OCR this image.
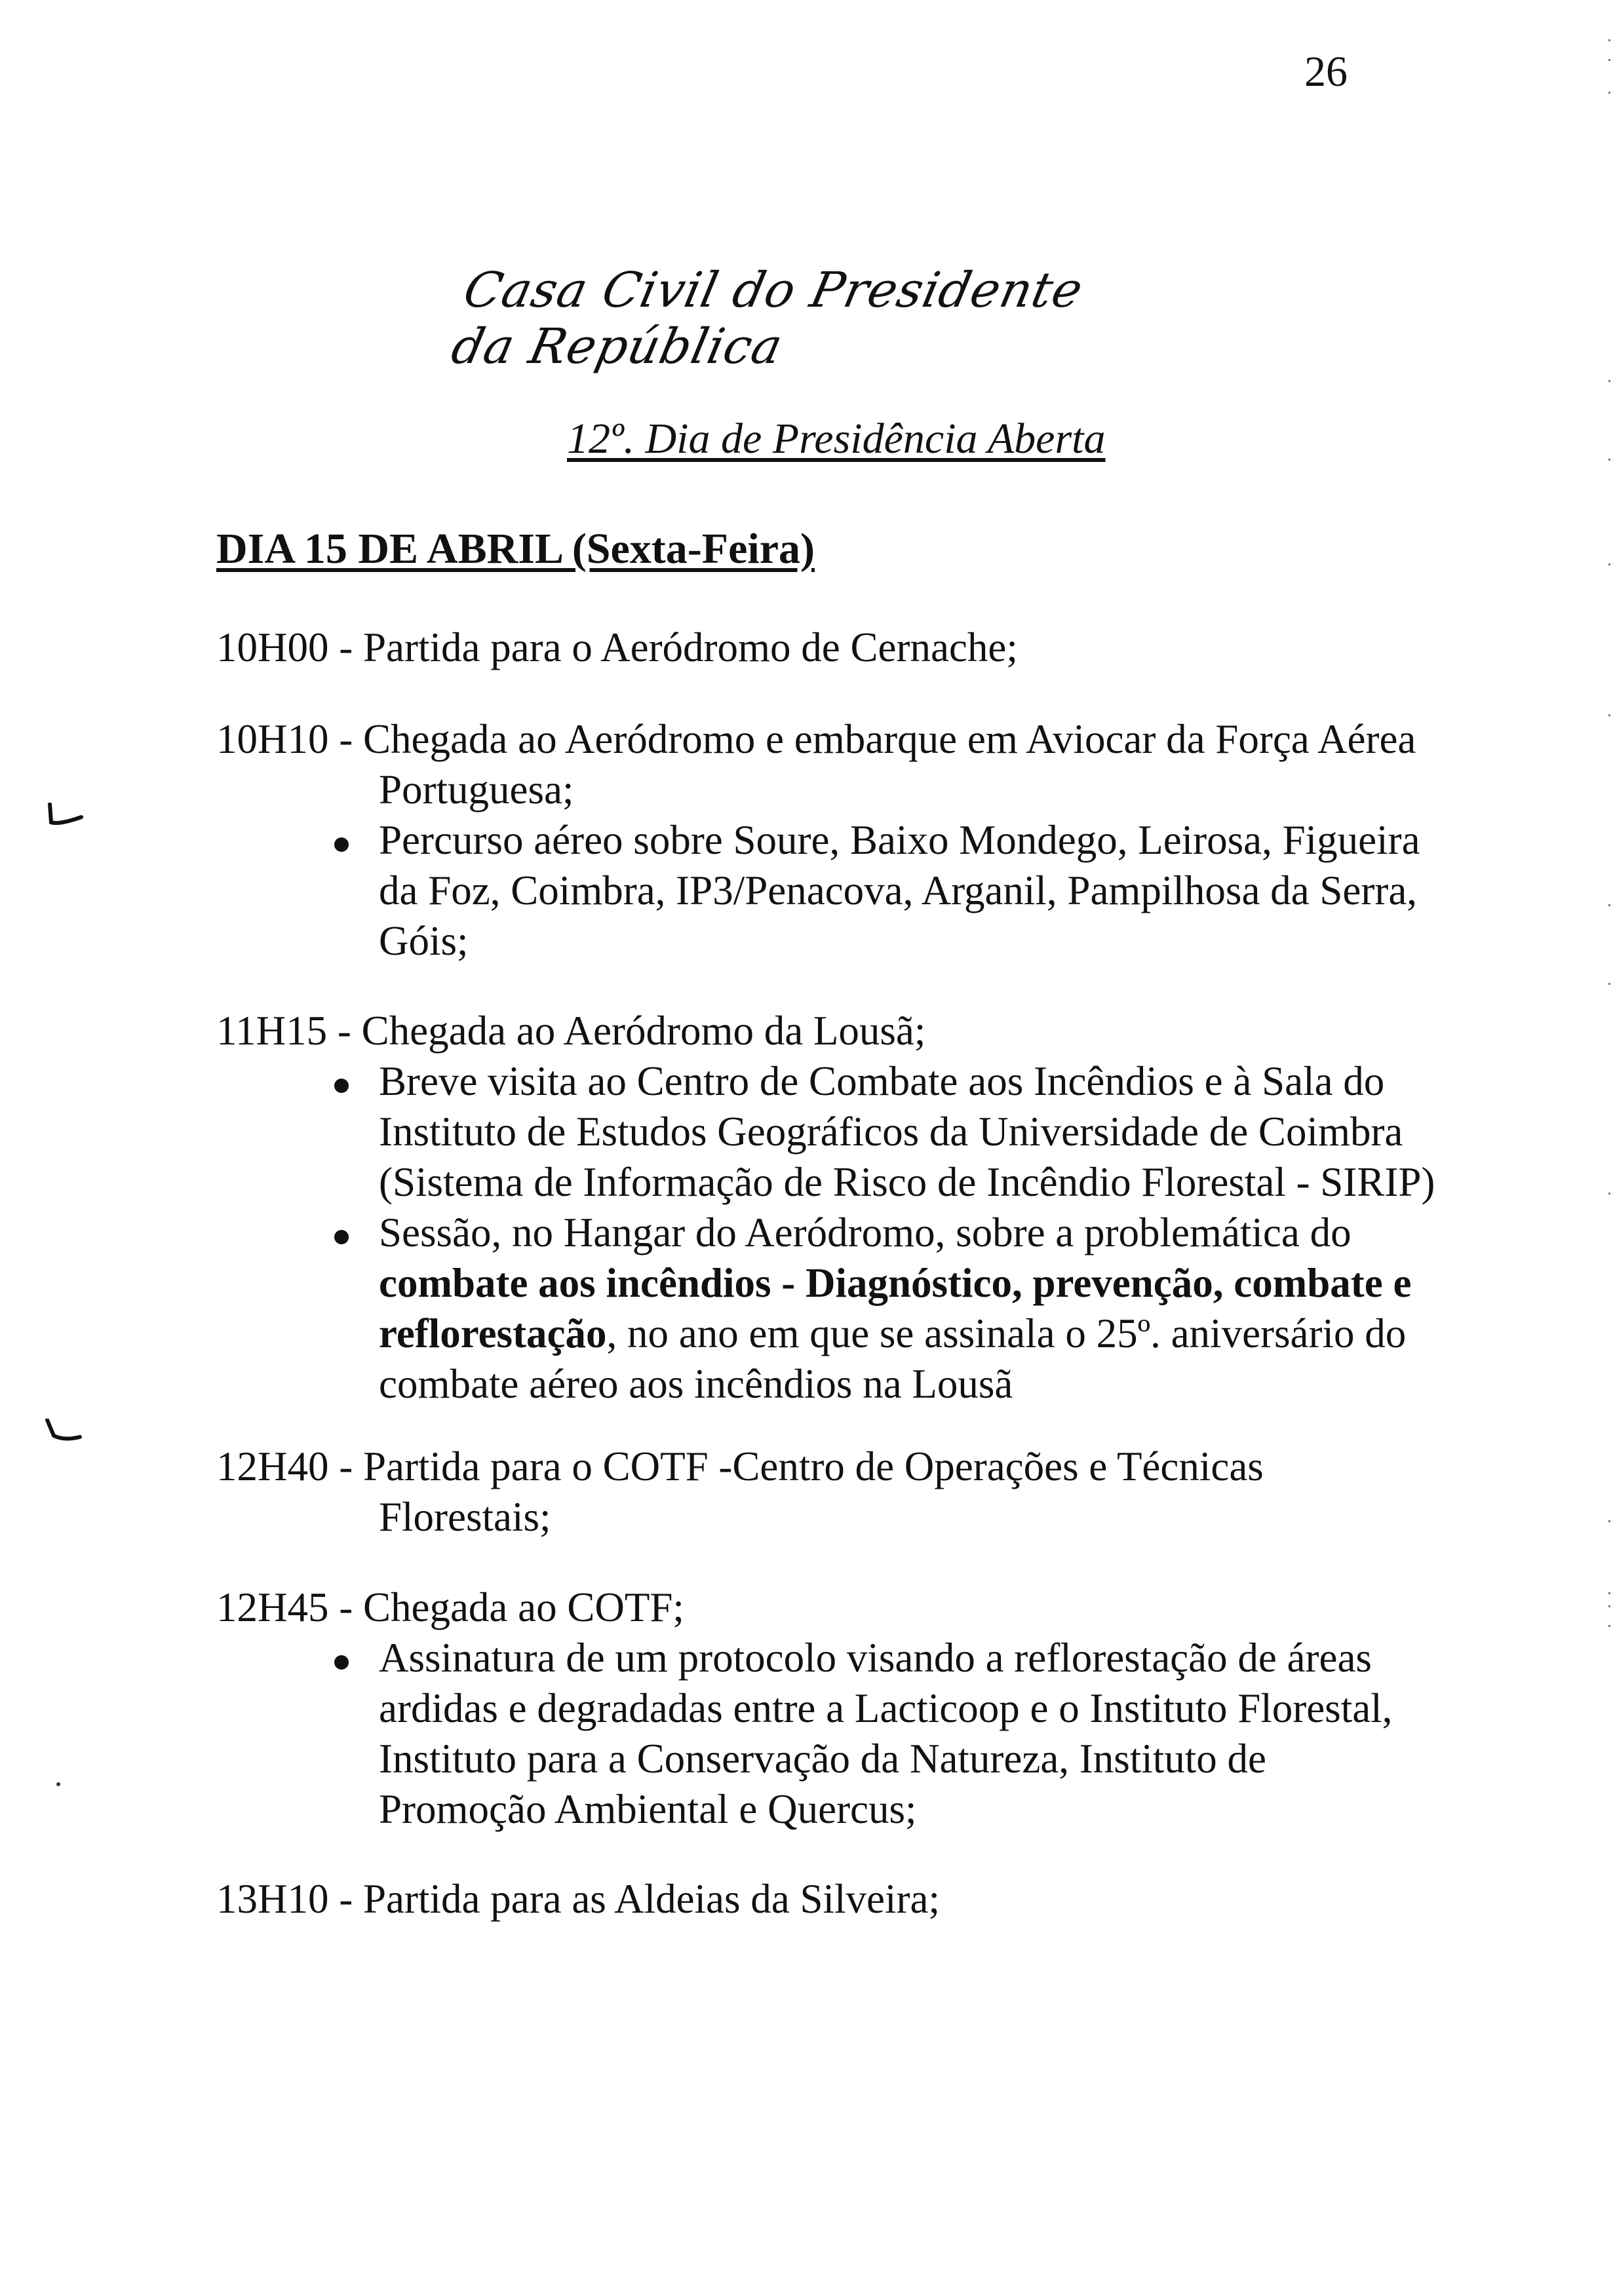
26
Casa Civil do Presidente da República
12º. Dia de Presidência Aberta
DIA 15 DE ABRIL (Sexta-Feira)
10H00 - Partida para o Aeródromo de Cernache;
10H10 - Chegada ao Aeródromo e embarque em Aviocar da Força Aérea
Portuguesa;
Percurso aéreo sobre Soure, Baixo Mondego, Leirosa, Figueira
da Foz, Coimbra, IP3/Penacova, Arganil, Pampilhosa da Serra,
Góis;
11H15 - Chegada ao Aeródromo da Lousã;
Breve visita ao Centro de Combate aos Incêndios e à Sala do
Instituto de Estudos Geográficos da Universidade de Coimbra
(Sistema de Informação de Risco de Incêndio Florestal - SIRIP)
Sessão, no Hangar do Aeródromo, sobre a problemática do
combate aos incêndios - Diagnóstico, prevenção, combate e
reflorestação, no ano em que se assinala o 25º. aniversário do
combate aéreo aos incêndios na Lousã
12H40 - Partida para o COTF -Centro de Operações e Técnicas
Florestais;
12H45 - Chegada ao COTF;
Assinatura de um protocolo visando a reflorestação de áreas
ardidas e degradadas entre a Lacticoop e o Instituto Florestal,
Instituto para a Conservação da Natureza, Instituto de
Promoção Ambiental e Quercus;
13H10 - Partida para as Aldeias da Silveira;
